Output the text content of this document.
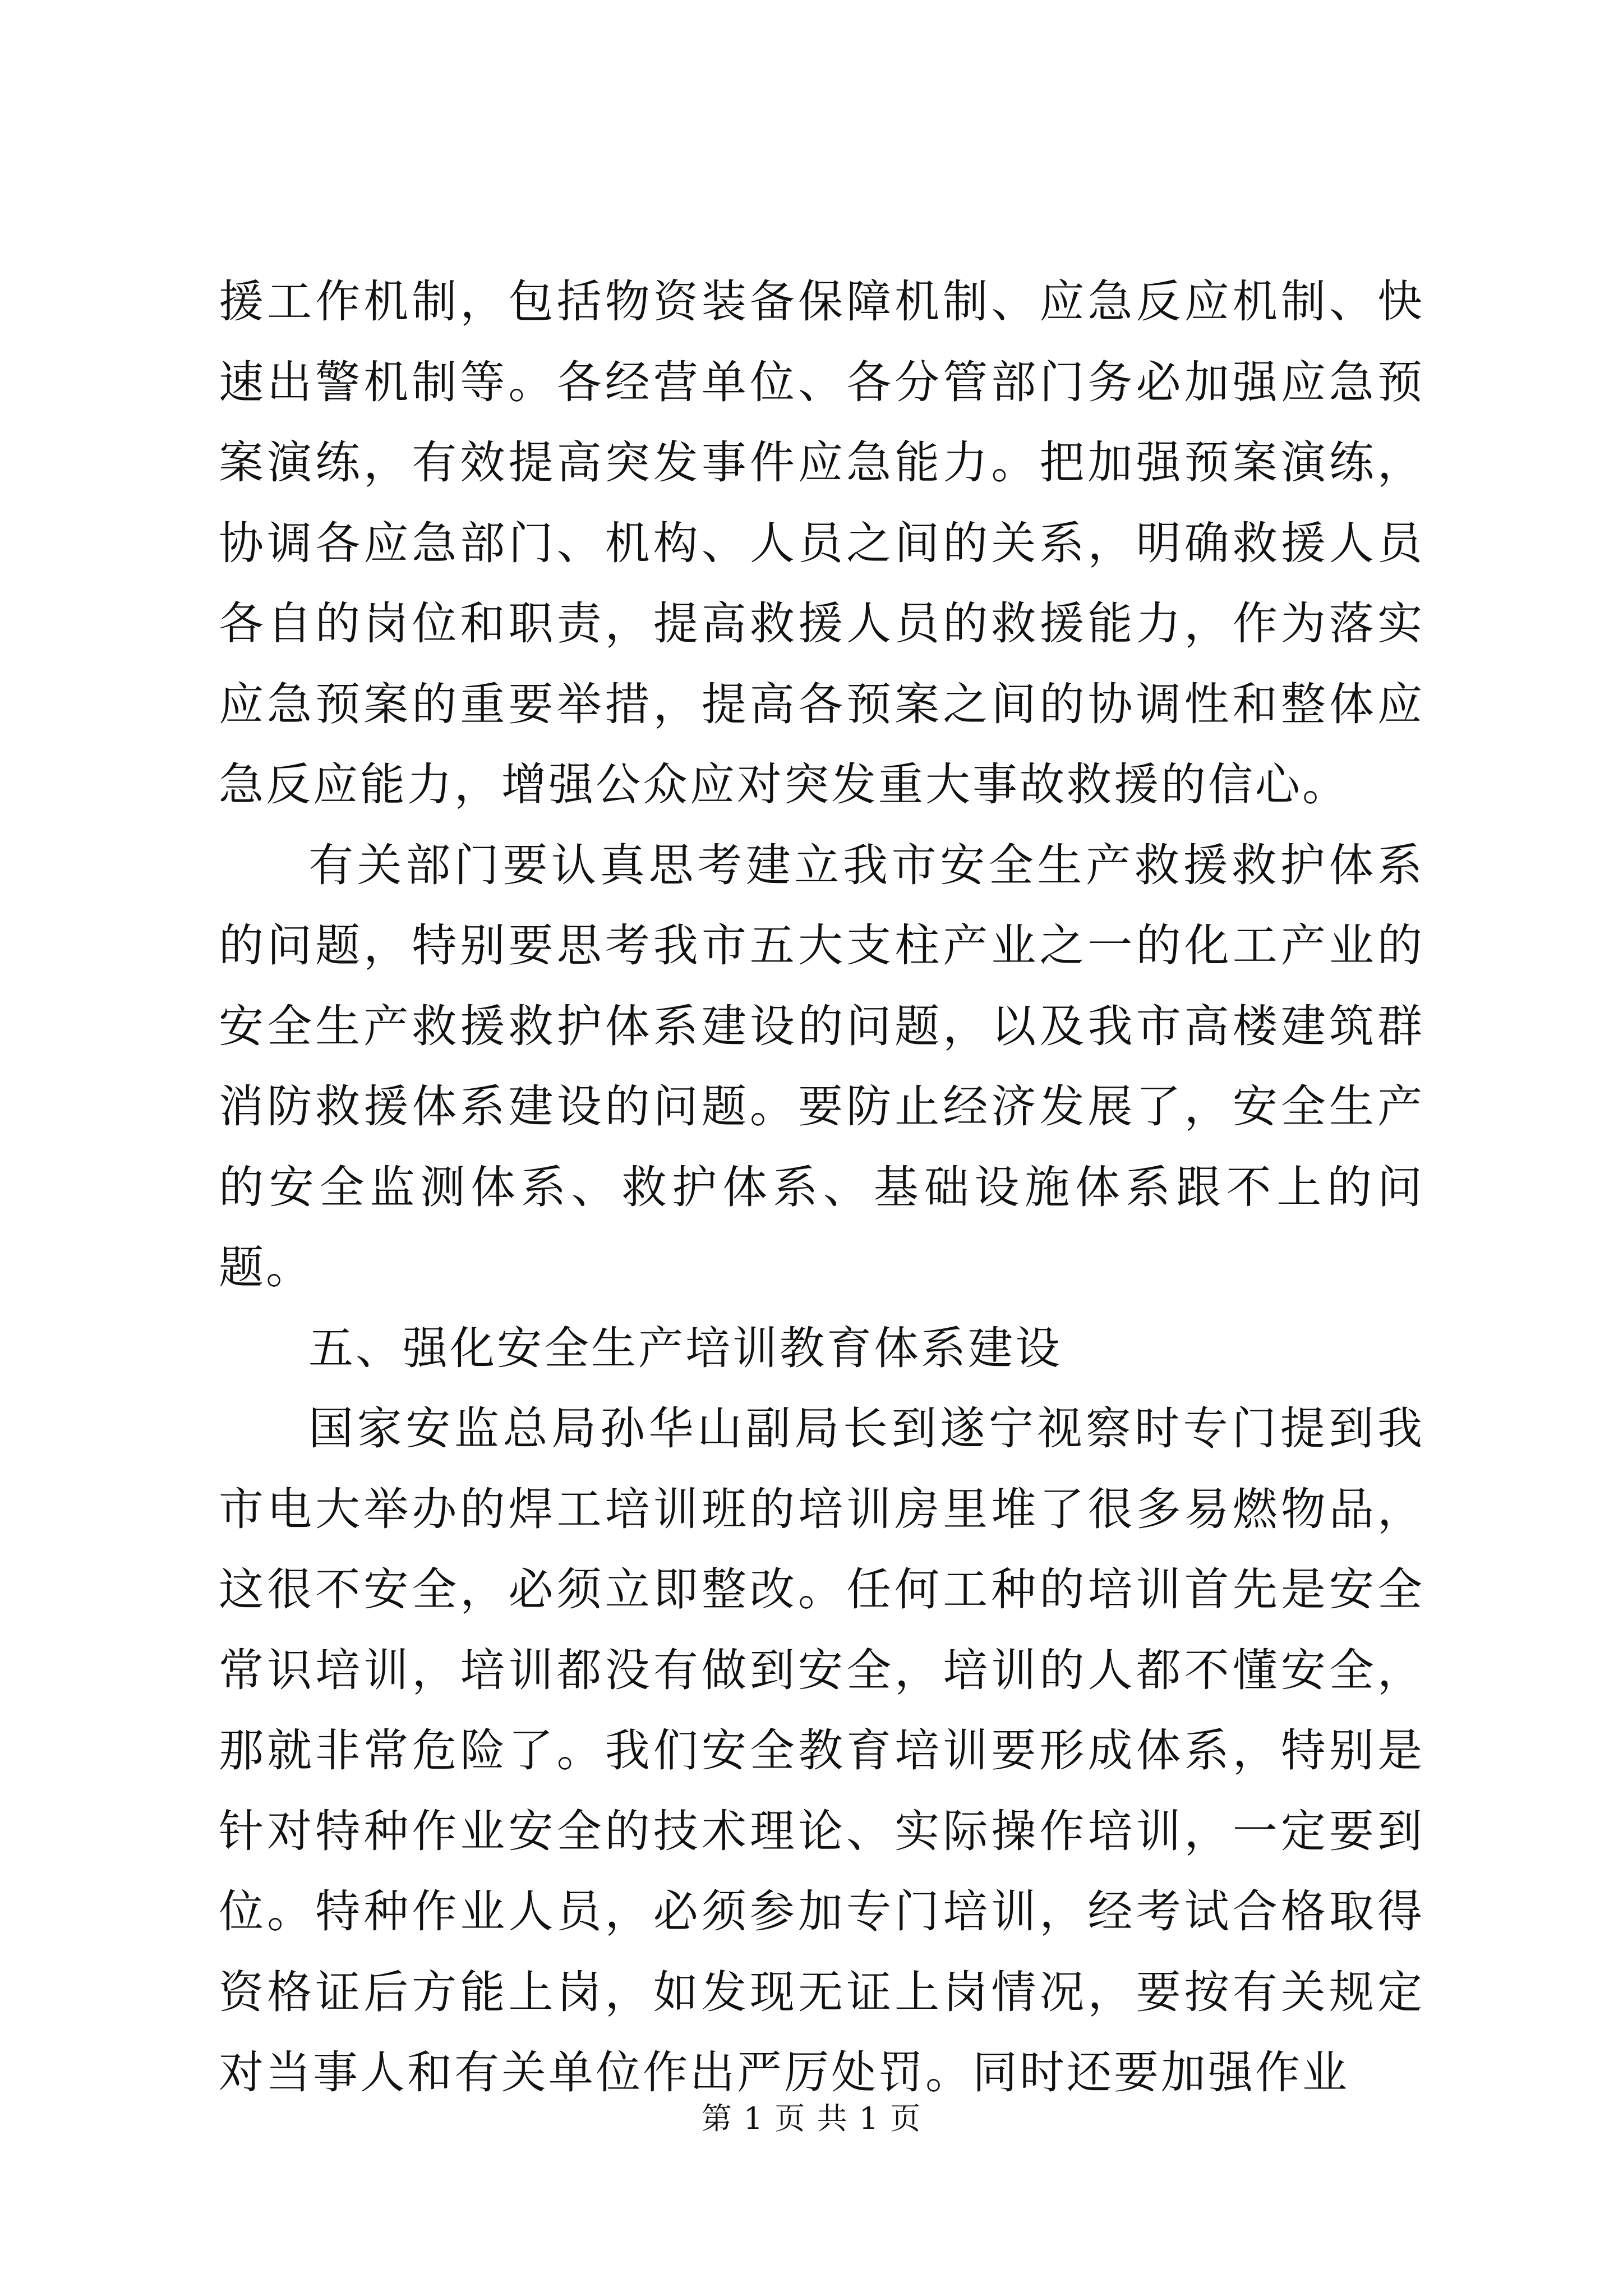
援工作机制，包括物资装备保障机制、应急反应机制、快速出警机制等。各经营单位、各分管部门务必加强应急预案演练，有效提高突发事件应急能力。把加强预案演练，协调各应急部门、机构、人员之间的关系，明确救援人员各自的岗位和职责，提高救援人员的救援能力，作为落实应急预案的重要举措，提高各预案之间的协调性和整体应急反应能力，增强公众应对突发重大事故救援的信心。

有关部门要认真思考建立我市安全生产救援救护体系的问题，特别要思考我市五大支柱产业之一的化工产业的安全生产救援救护体系建设的问题，以及我市高楼建筑群消防救援体系建设的问题。要防止经济发展了，安全生产的安全监测体系、救护体系、基础设施体系跟不上的问题。

五、强化安全生产培训教育体系建设

国家安监总局孙华山副局长到遂宁视察时专门提到我市电大举办的焊工培训班的培训房里堆了很多易燃物品，这很不安全，必须立即整改。任何工种的培训首先是安全常识培训，培训都没有做到安全，培训的人都不懂安全，那就非常危险了。我们安全教育培训要形成体系，特别是针对特种作业安全的技术理论、实际操作培训，一定要到位。特种作业人员，必须参加专门培训，经考试合格取得资格证后方能上岗，如发现无证上岗情况，要按有关规定对当事人和有关单位作出严厉处罚。同时还要加强作业

第 1 页 共 1 页
